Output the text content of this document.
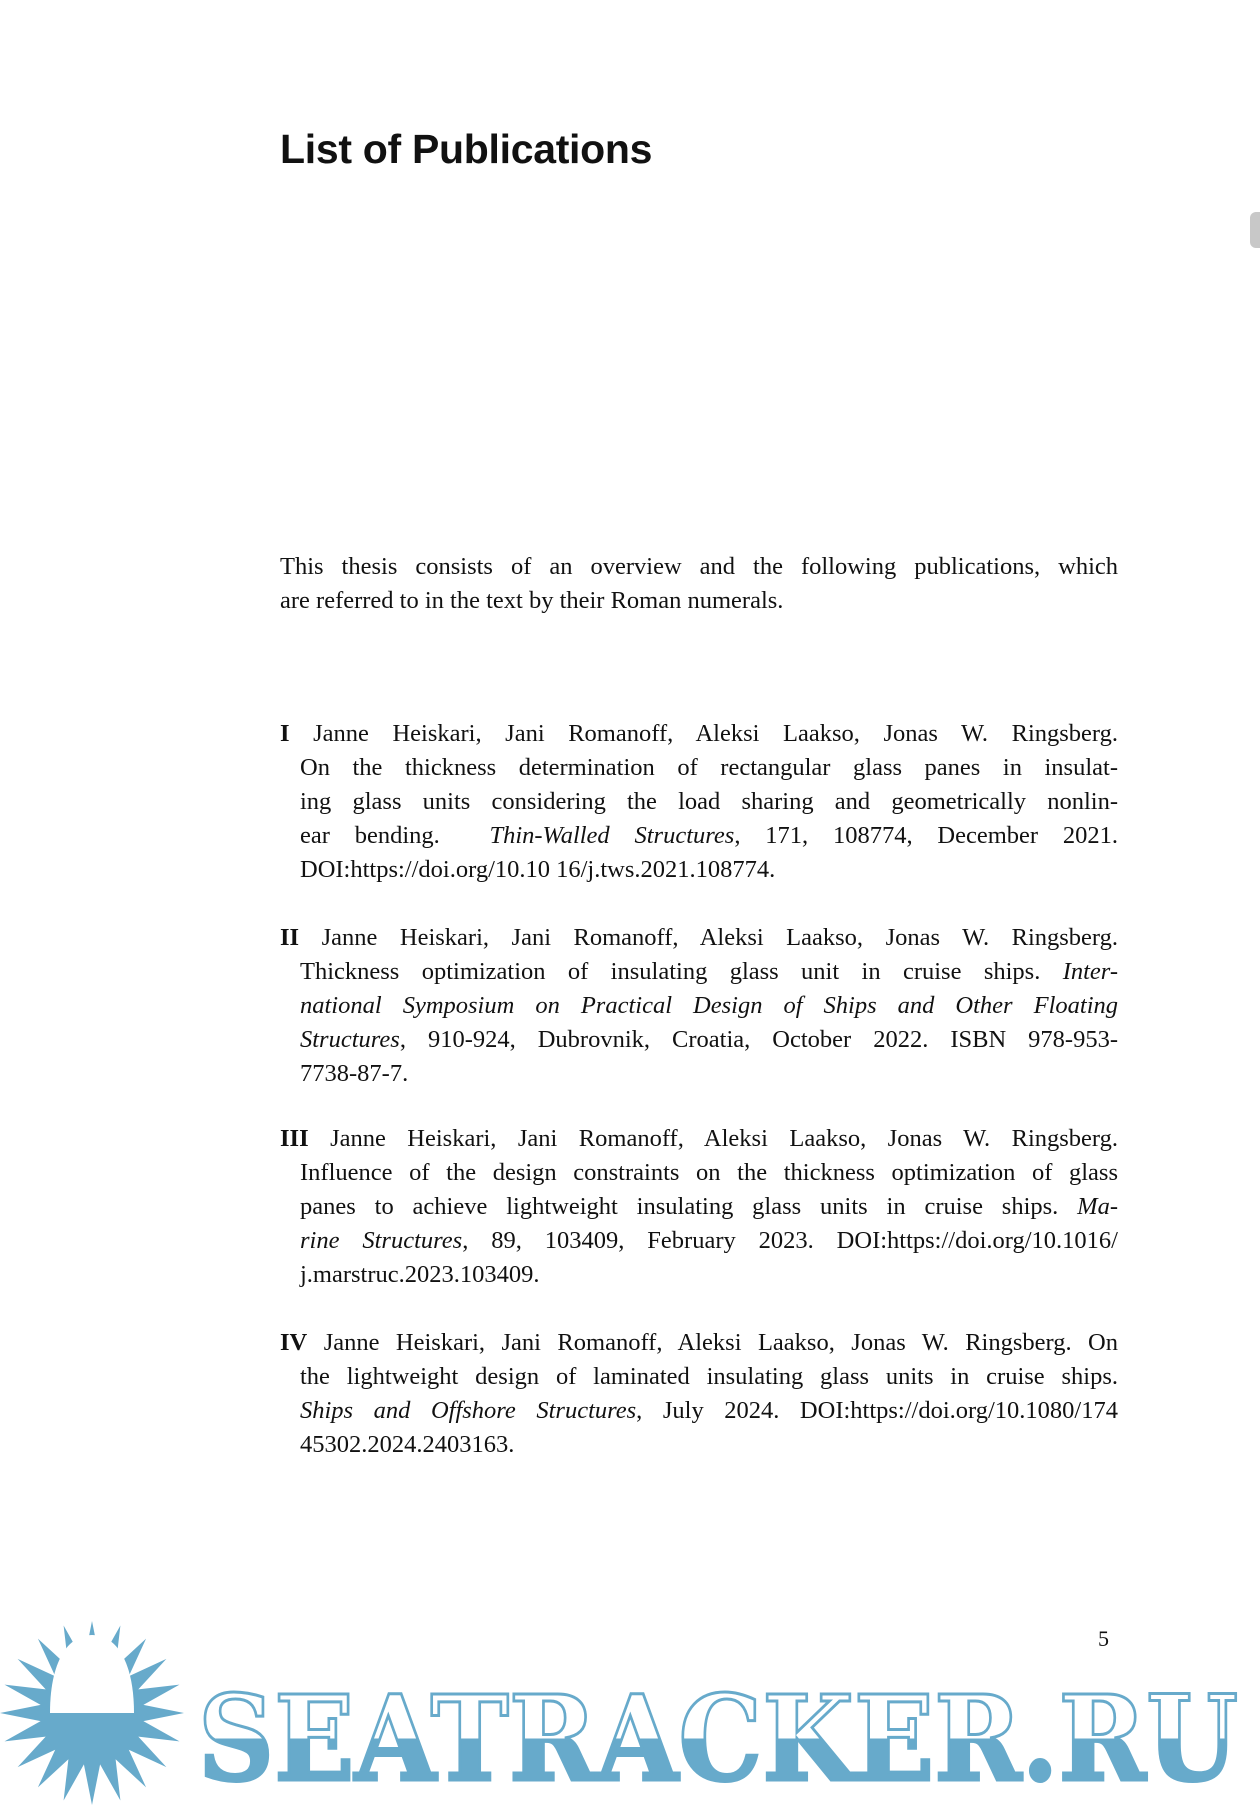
List of Publications
This thesis consists of an overview and the following publications, which
are referred to in the text by their Roman numerals.
I Janne Heiskari, Jani Romanoff, Aleksi Laakso, Jonas W. Ringsberg.
On the thickness determination of rectangular glass panes in insulat-
ing glass units considering the load sharing and geometrically nonlin-
ear bending.  Thin-Walled Structures, 171, 108774, December 2021.
DOI:https://doi.org/10.10 16/j.tws.2021.108774.
II Janne Heiskari, Jani Romanoff, Aleksi Laakso, Jonas W. Ringsberg.
Thickness optimization of insulating glass unit in cruise ships. Inter-
national Symposium on Practical Design of Ships and Other Floating
Structures, 910-924, Dubrovnik, Croatia, October 2022. ISBN 978-953-
7738-87-7.
III Janne Heiskari, Jani Romanoff, Aleksi Laakso, Jonas W. Ringsberg.
Influence of the design constraints on the thickness optimization of glass
panes to achieve lightweight insulating glass units in cruise ships. Ma-
rine Structures, 89, 103409, February 2023. DOI:https://doi.org/10.1016/
j.marstruc.2023.103409.
IV Janne Heiskari, Jani Romanoff, Aleksi Laakso, Jonas W. Ringsberg. On
the lightweight design of laminated insulating glass units in cruise ships.
Ships and Offshore Structures, July 2024. DOI:https://doi.org/10.1080/174
45302.2024.2403163.
SEATRACKER.RU
5
